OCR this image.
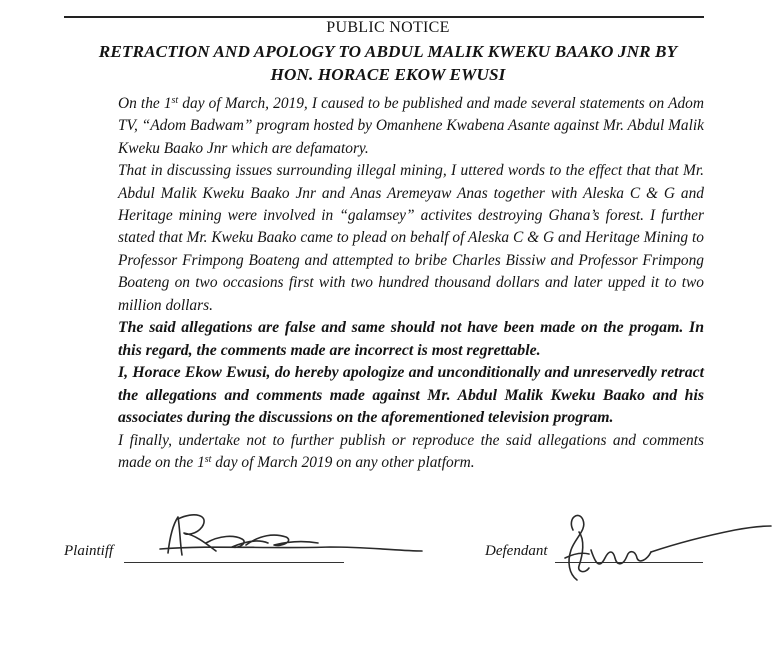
PUBLIC NOTICE
RETRACTION AND APOLOGY TO ABDUL MALIK KWEKU BAAKO JNR BY
HON. HORACE EKOW EWUSI

On the 1st day of March, 2019, I caused to be published and made several statements on Adom TV, “Adom Badwam” program hosted by Omanhene Kwabena Asante against Mr. Abdul Malik Kweku Baako Jnr which are defamatory.

That in discussing issues surrounding illegal mining, I uttered words to the effect that that Mr. Abdul Malik Kweku Baako Jnr and Anas Aremeyaw Anas together with Aleska C & G and Heritage mining were involved in “galamsey” activites destroying Ghana’s forest. I further stated that Mr. Kweku Baako came to plead on behalf of Aleska C & G and Heritage Mining to Professor Frimpong Boateng and attempted to bribe Charles Bissiw and Professor Frimpong Boateng on two occasions first with two hundred thousand dollars and later upped it to two million dollars.

The said allegations are false and same should not have been made on the progam. In this regard, the comments made are incorrect is most regrettable.

I, Horace Ekow Ewusi, do hereby apologize and unconditionally and unreservedly retract the allegations and comments made against Mr. Abdul Malik Kweku Baako and his associates during the discussions on the aforementioned television program.

I finally, undertake not to further publish or reproduce the said allegations and comments made on the 1st day of March 2019 on any other platform.

Plaintiff	Defendant
